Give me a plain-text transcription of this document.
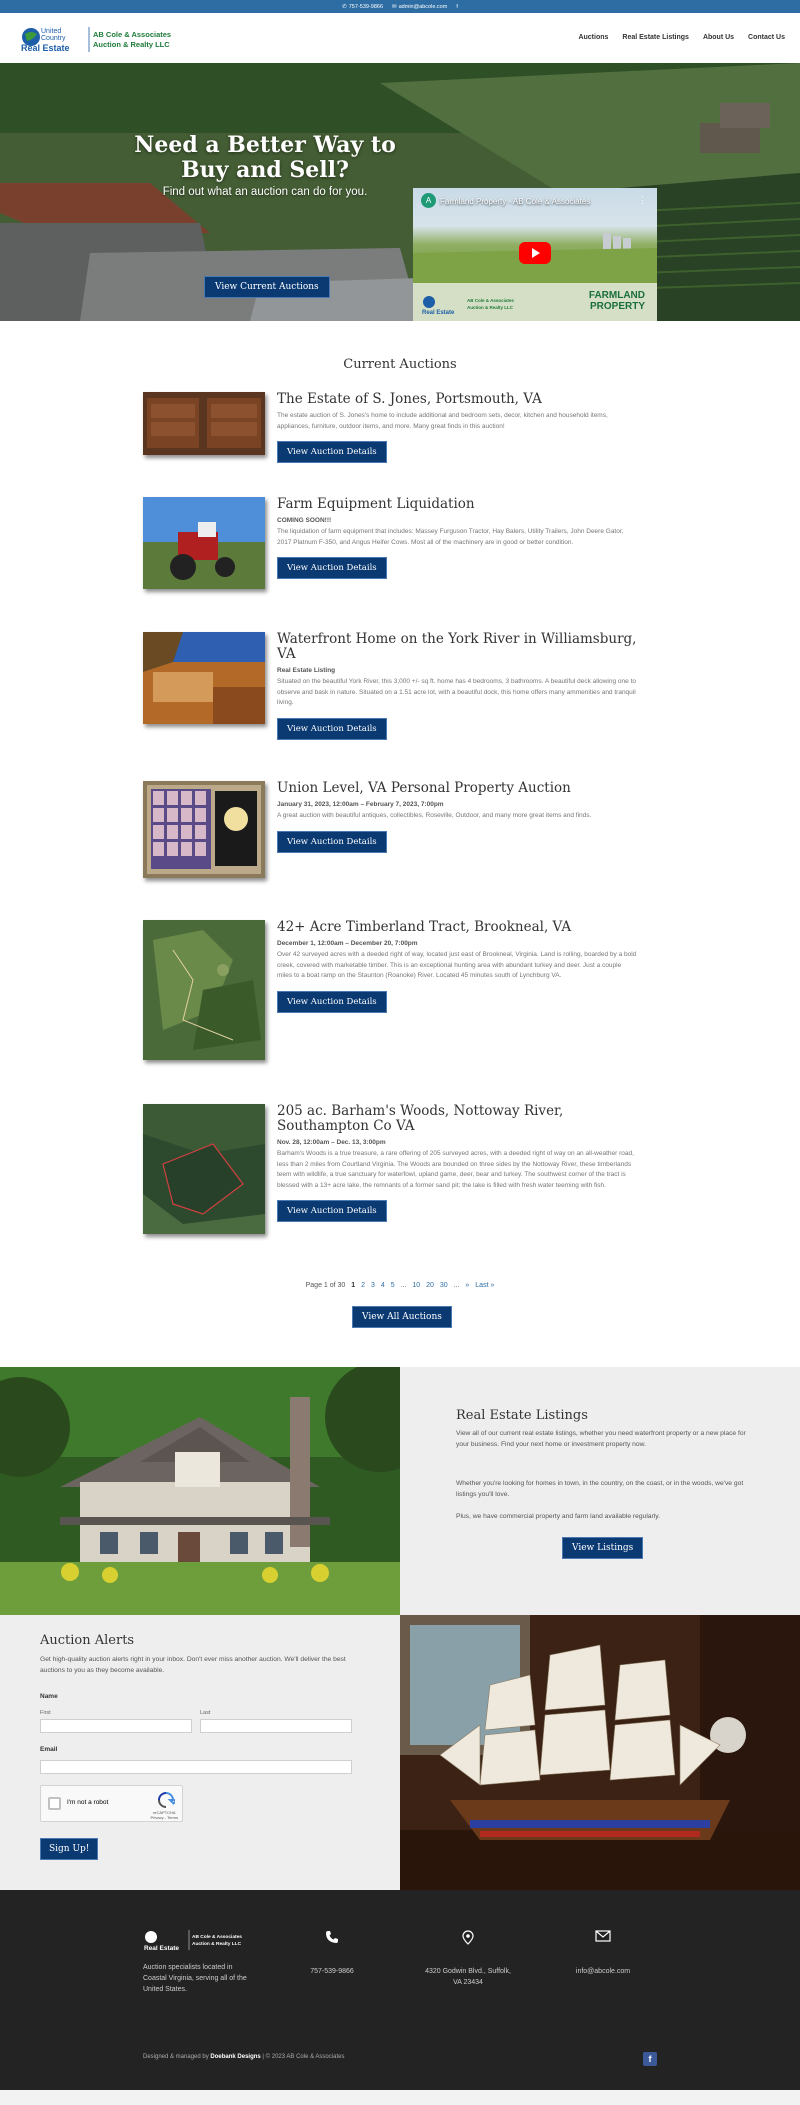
✆ 757-539-9866 ✉ admin@abcole.com f
United
Country
Real Estate
AB Cole & Associates
Auction & Realty LLC
Auctions Real Estate Listings About Us Contact Us
Need a Better Way to Buy and Sell?
Find out what an auction can do for you.
View Current Auctions
A	Farmland Property - AB Cole & Associates	⋮
Real Estate
AB Cole & Associates
Auction & Realty LLC
FARMLAND
PROPERTY
Current Auctions
The Estate of S. Jones, Portsmouth, VA
The estate auction of S. Jones's home to include additional and bedroom sets, decor, kitchen and household items, appliances, furniture, outdoor items, and more. Many great finds in this auction!
View Auction Details
Farm Equipment Liquidation
COMING SOON!!!
The liquidation of farm equipment that includes: Massey Furguson Tractor, Hay Balers, Utility Trailers, John Deere Gator, 2017 Platnum F-350, and Angus Heifer Cows. Most all of the machinery are in good or better condition.
View Auction Details
Waterfront Home on the York River in Williamsburg, VA
Real Estate Listing
Situated on the beautiful York River, this 3,000 +/- sq ft. home has 4 bedrooms, 3 bathrooms. A beautiful deck allowing one to observe and bask in nature. Situated on a 1.51 acre lot, with a beautiful dock, this home offers many ammenities and tranquil living.
View Auction Details
Union Level, VA Personal Property Auction
January 31, 2023, 12:00am – February 7, 2023, 7:00pm
A great auction with beautiful antiques, collectibles, Roseville, Outdoor, and many more great items and finds.
View Auction Details
42+ Acre Timberland Tract, Brookneal, VA
December 1, 12:00am – December 20, 7:00pm
Over 42 surveyed acres with a deeded right of way, located just east of Brookneal, Virginia. Land is rolling, boarded by a bold creek, covered with marketable timber. This is an exceptional hunting area with abundant turkey and deer. Just a couple miles to a boat ramp on the Staunton (Roanoke) River. Located 45 minutes south of Lynchburg VA.
View Auction Details
205 ac. Barham's Woods, Nottoway River, Southampton Co VA
Nov. 28, 12:00am – Dec. 13, 3:00pm
Barham's Woods is a true treasure, a rare offering of 205 surveyed acres, with a deeded right of way on an all-weather road, less than 2 miles from Courtland Virginia. The Woods are bounded on three sides by the Nottoway River, these timberlands teem with wildlife, a true sanctuary for waterfowl, upland game, deer, bear and turkey. The southwest corner of the tract is blessed with a 13+ acre lake, the remnants of a former sand pit; the lake is filled with fresh water teeming with fish.
View Auction Details
Page 1 of 30 1 2 3 4 5 ... 10 20 30 ... » Last »
View All Auctions
Real Estate Listings
View all of our current real estate listings, whether you need waterfront property or a new place for your business. Find your next home or investment property now.
Whether you're looking for homes in town, in the country, on the coast, or in the woods, we've got listings you'll love.
Plus, we have commercial property and farm land available regularly.
View Listings
Auction Alerts
Get high-quality auction alerts right in your inbox. Don't ever miss another auction. We'll deliver the best auctions to you as they become available.
Name
First	Last
Email
I'm not a robot
reCAPTCHA
Privacy - Terms
Sign Up!
Real Estate
AB Cole & Associates
Auction & Realty LLC
Auction specialists located in Coastal Virginia, serving all of the United States.
757-539-9866	4320 Godwin Blvd., Suffolk,
VA 23434
info@abcole.com
Designed & managed by Doebank Designs | © 2023 AB Cole & Associates	f
